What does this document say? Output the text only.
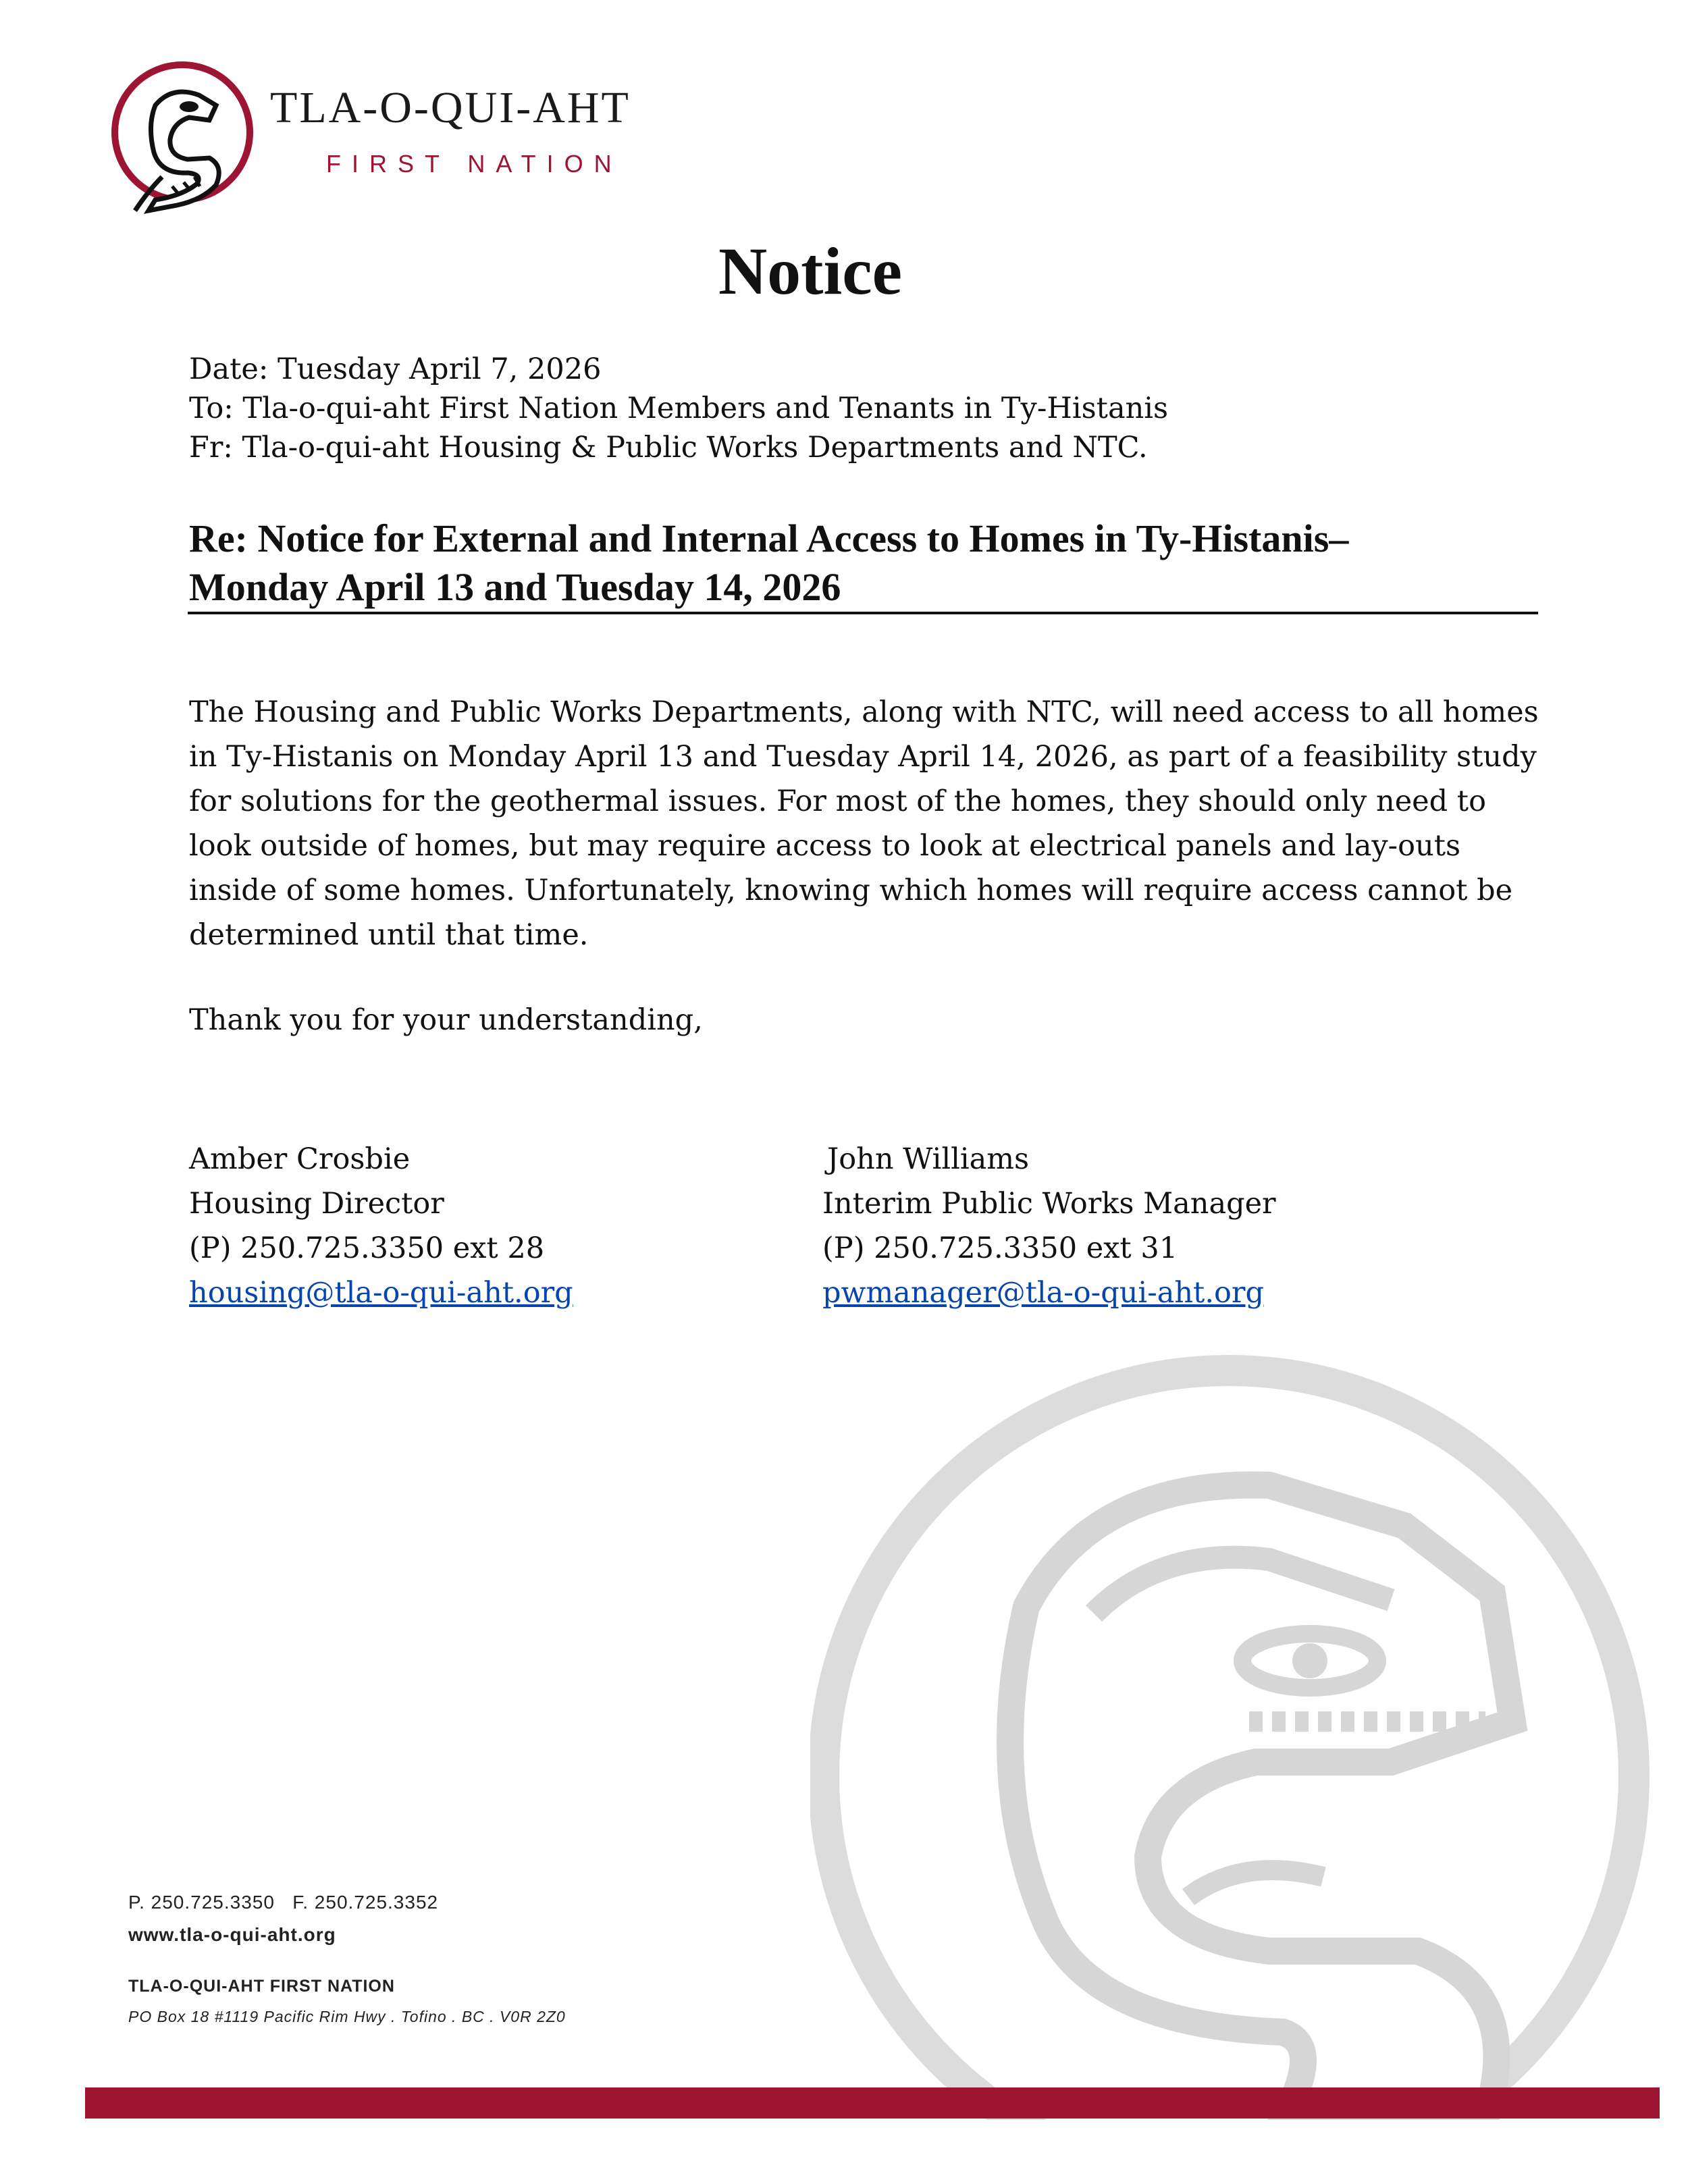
TLA-O-QUI-AHT
FIRST NATION
Notice
Date: Tuesday April 7, 2026
To: Tla-o-qui-aht First Nation Members and Tenants in Ty-Histanis
Fr: Tla-o-qui-aht Housing & Public Works Departments and NTC.
Re: Notice for External and Internal Access to Homes in Ty-Histanis–
Monday April 13 and Tuesday 14, 2026
The Housing and Public Works Departments, along with NTC, will need access to all homes in Ty-Histanis on Monday April 13 and Tuesday April 14, 2026, as part of a feasibility study for solutions for the geothermal issues. For most of the homes, they should only need to look outside of homes, but may require access to look at electrical panels and lay-outs inside of some homes. Unfortunately, knowing which homes will require access cannot be determined until that time.
Thank you for your understanding,
Amber Crosbie
Housing Director
(P) 250.725.3350 ext 28
housing@tla-o-qui-aht.org
John Williams
Interim Public Works Manager
(P) 250.725.3350 ext 31
pwmanager@tla-o-qui-aht.org
P. 250.725.3350   F. 250.725.3352
www.tla-o-qui-aht.org
TLA-O-QUI-AHT FIRST NATION
PO Box 18 #1119 Pacific Rim Hwy . Tofino . BC . V0R 2Z0
